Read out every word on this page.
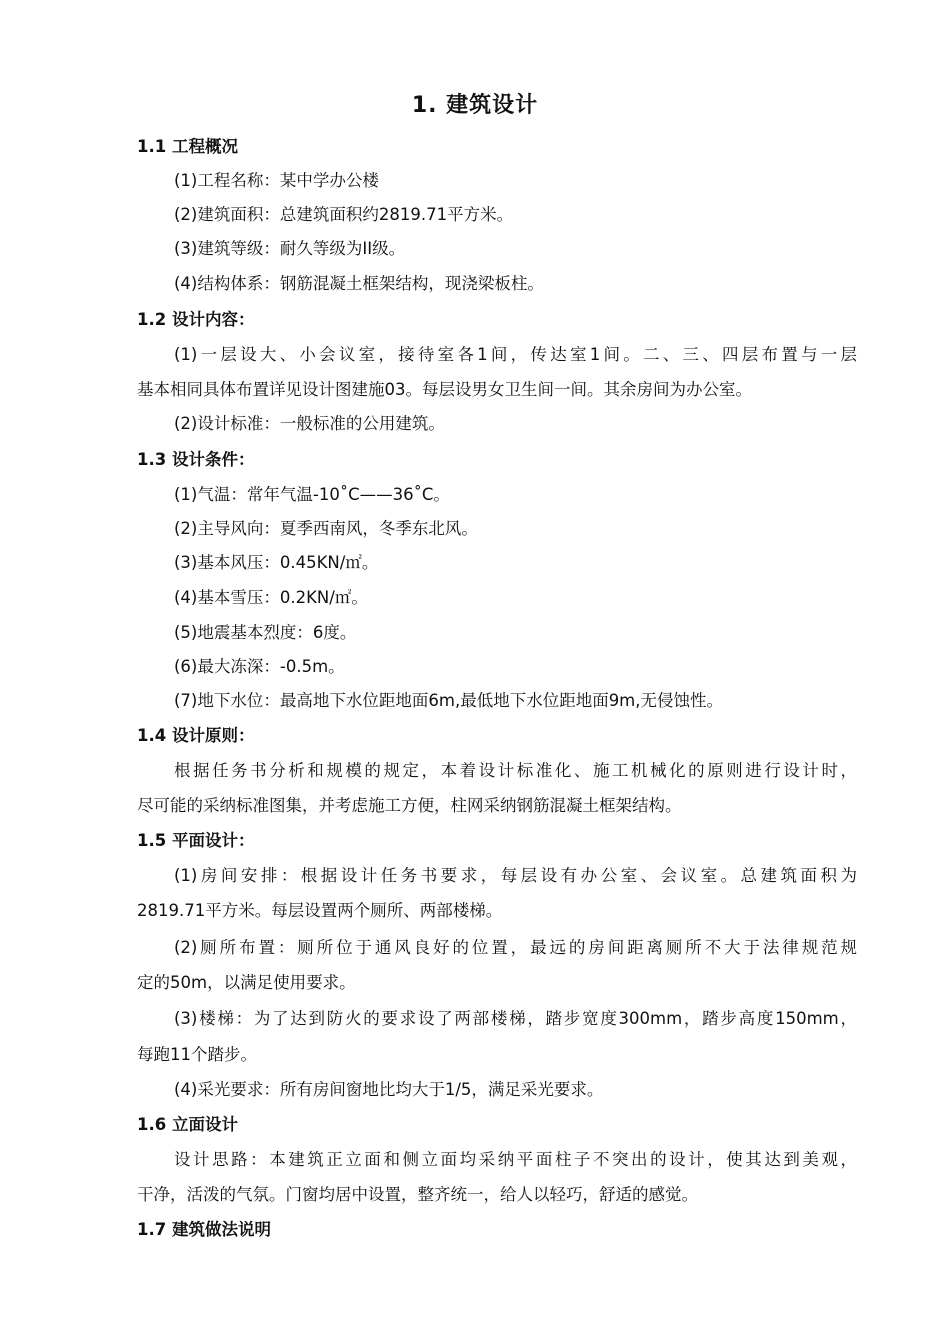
1. 建筑设计
1.1 工程概况
(1)工程名称：某中学办公楼
(2)建筑面积：总建筑面积约2819.71平方米。
(3)建筑等级：耐久等级为II级。
(4)结构体系：钢筋混凝土框架结构，现浇梁板柱。
1.2 设计内容：
(1)一层设大、小会议室，接待室各1间，传达室1间。二、三、四层布置与一层
基本相同具体布置详见设计图建施03。每层设男女卫生间一间。其余房间为办公室。
(2)设计标准：一般标准的公用建筑。
1.3 设计条件：
(1)气温：常年气温-10˚C——36˚C。
(2)主导风向：夏季西南风，冬季东北风。
(3)基本风压：0.45KN/㎡。
(4)基本雪压：0.2KN/㎡。
(5)地震基本烈度：6度。
(6)最大冻深：-0.5m。
(7)地下水位：最高地下水位距地面6m,最低地下水位距地面9m,无侵蚀性。
1.4 设计原则：
根据任务书分析和规模的规定，本着设计标准化、施工机械化的原则进行设计时，
尽可能的采纳标准图集，并考虑施工方便，柱网采纳钢筋混凝土框架结构。
1.5 平面设计：
(1)房间安排：根据设计任务书要求，每层设有办公室、会议室。总建筑面积为
2819.71平方米。每层设置两个厕所、两部楼梯。
(2)厕所布置：厕所位于通风良好的位置，最远的房间距离厕所不大于法律规范规
定的50m，以满足使用要求。
(3)楼梯：为了达到防火的要求设了两部楼梯，踏步宽度300mm，踏步高度150mm，
每跑11个踏步。
(4)采光要求：所有房间窗地比均大于1/5，满足采光要求。
1.6 立面设计
设计思路：本建筑正立面和侧立面均采纳平面柱子不突出的设计，使其达到美观，
干净，活泼的气氛。门窗均居中设置，整齐统一，给人以轻巧，舒适的感觉。
1.7 建筑做法说明
